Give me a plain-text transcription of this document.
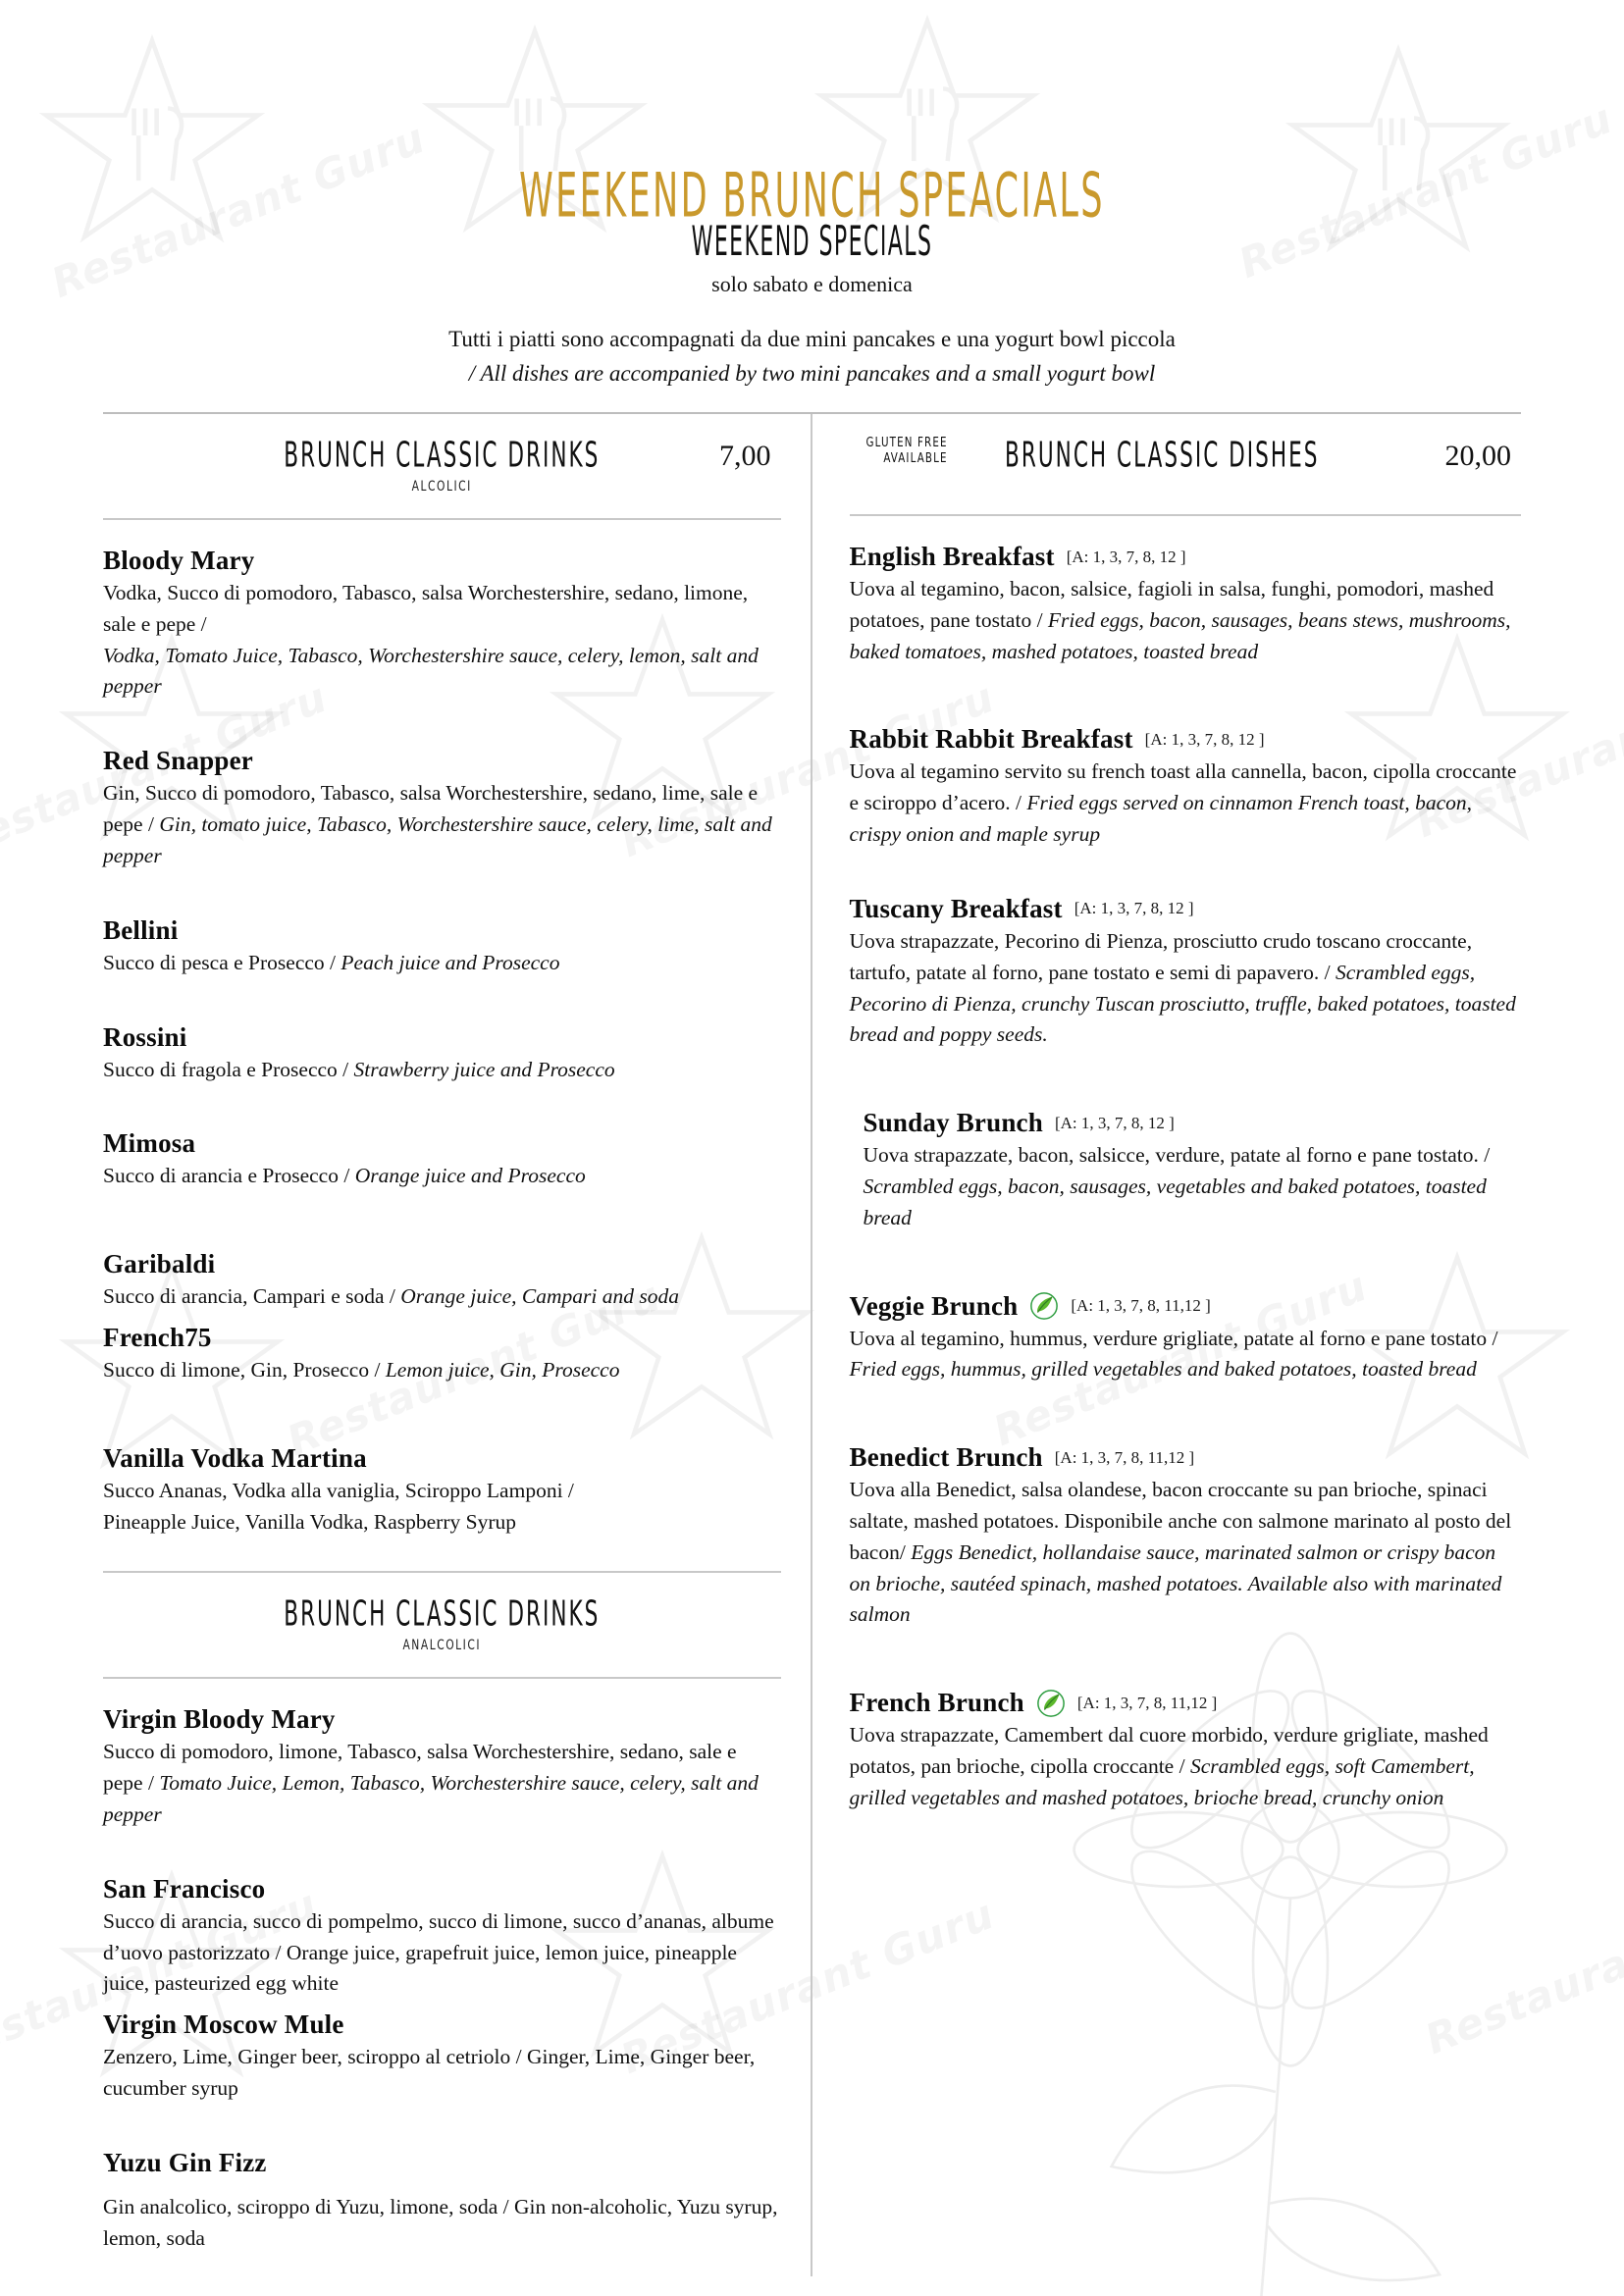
WEEKEND BRUNCH SPEACIALS
WEEKEND SPECIALS

solo sabato e domenica

Tutti i piatti sono accompagnati da due mini pancakes e una yogurt bowl piccola
/ All dishes are accompanied by two mini pancakes and a small yogurt bowl

BRUNCH CLASSIC DRINKS	7,00
ALCOLICI
Bloody Mary
Vodka, Succo di pomodoro, Tabasco, salsa Worchestershire, sedano, limone, sale e pepe /
Vodka, Tomato Juice, Tabasco, Worchestershire sauce, celery, lemon, salt and pepper
Red Snapper
Gin, Succo di pomodoro, Tabasco, salsa Worchestershire, sedano, lime, sale e pepe / Gin, tomato juice, Tabasco, Worchestershire sauce, celery, lime, salt and pepper
Bellini
Succo di pesca e Prosecco / Peach juice and Prosecco
Rossini
Succo di fragola e Prosecco / Strawberry juice and Prosecco
Mimosa
Succo di arancia e Prosecco / Orange juice and Prosecco
Garibaldi
Succo di arancia, Campari e soda / Orange juice, Campari and soda
French75
Succo di limone, Gin, Prosecco / Lemon juice, Gin, Prosecco
Vanilla Vodka Martina
Succo Ananas, Vodka alla vaniglia, Sciroppo Lamponi /
Pineapple Juice, Vanilla Vodka, Raspberry Syrup
BRUNCH CLASSIC DRINKS
ANALCOLICI
Virgin Bloody Mary
Succo di pomodoro, limone, Tabasco, salsa Worchestershire, sedano, sale e pepe / Tomato Juice, Lemon, Tabasco, Worchestershire sauce, celery, salt and pepper
San Francisco
Succo di arancia, succo di pompelmo, succo di limone, succo d’ananas, albume d’uovo pastorizzato / Orange juice, grapefruit juice, lemon juice, pineapple juice, pasteurized egg white
Virgin Moscow Mule
Zenzero, Lime, Ginger beer, sciroppo al cetriolo / Ginger, Lime, Ginger beer, cucumber syrup
Yuzu Gin Fizz
Gin analcolico, sciroppo di Yuzu, limone, soda / Gin non-alcoholic, Yuzu syrup, lemon, soda
GLUTEN FREE
AVAILABLE BRUNCH CLASSIC DISHES	20,00
English Breakfast [A: 1, 3, 7, 8, 12 ]
Uova al tegamino, bacon, salsice, fagioli in salsa, funghi, pomodori, mashed potatoes, pane tostato / Fried eggs, bacon, sausages, beans stews, mushrooms, baked tomatoes, mashed potatoes, toasted bread
Rabbit Rabbit Breakfast [A: 1, 3, 7, 8, 12 ]
Uova al tegamino servito su french toast alla cannella, bacon, cipolla croccante e sciroppo d’acero. / Fried eggs served on cinnamon French toast, bacon, crispy onion and maple syrup
Tuscany Breakfast [A: 1, 3, 7, 8, 12 ]
Uova strapazzate, Pecorino di Pienza, prosciutto crudo toscano croccante, tartufo, patate al forno, pane tostato e semi di papavero. / Scrambled eggs, Pecorino di Pienza, crunchy Tuscan prosciutto, truffle, baked potatoes, toasted bread and poppy seeds.
Sunday Brunch [A: 1, 3, 7, 8, 12 ]
Uova strapazzate, bacon, salsicce, verdure, patate al forno e pane tostato. / Scrambled eggs, bacon, sausages, vegetables and baked potatoes, toasted bread
Veggie Brunch	[A: 1, 3, 7, 8, 11,12 ]
Uova al tegamino, hummus, verdure grigliate, patate al forno e pane tostato / Fried eggs, hummus, grilled vegetables and baked potatoes, toasted bread
Benedict Brunch [A: 1, 3, 7, 8, 11,12 ]
Uova alla Benedict, salsa olandese, bacon croccante su pan brioche, spinaci saltate, mashed potatoes. Disponibile anche con salmone marinato al posto del bacon/ Eggs Benedict, hollandaise sauce, marinated salmon or crispy bacon on brioche, sautéed spinach, mashed potatoes. Available also with marinated salmon
French Brunch	[A: 1, 3, 7, 8, 11,12 ]
Uova strapazzate, Camembert dal cuore morbido, verdure grigliate, mashed potatos, pan brioche, cipolla croccante / Scrambled eggs, soft Camembert, grilled vegetables and mashed potatoes, brioche bread, crunchy onion
